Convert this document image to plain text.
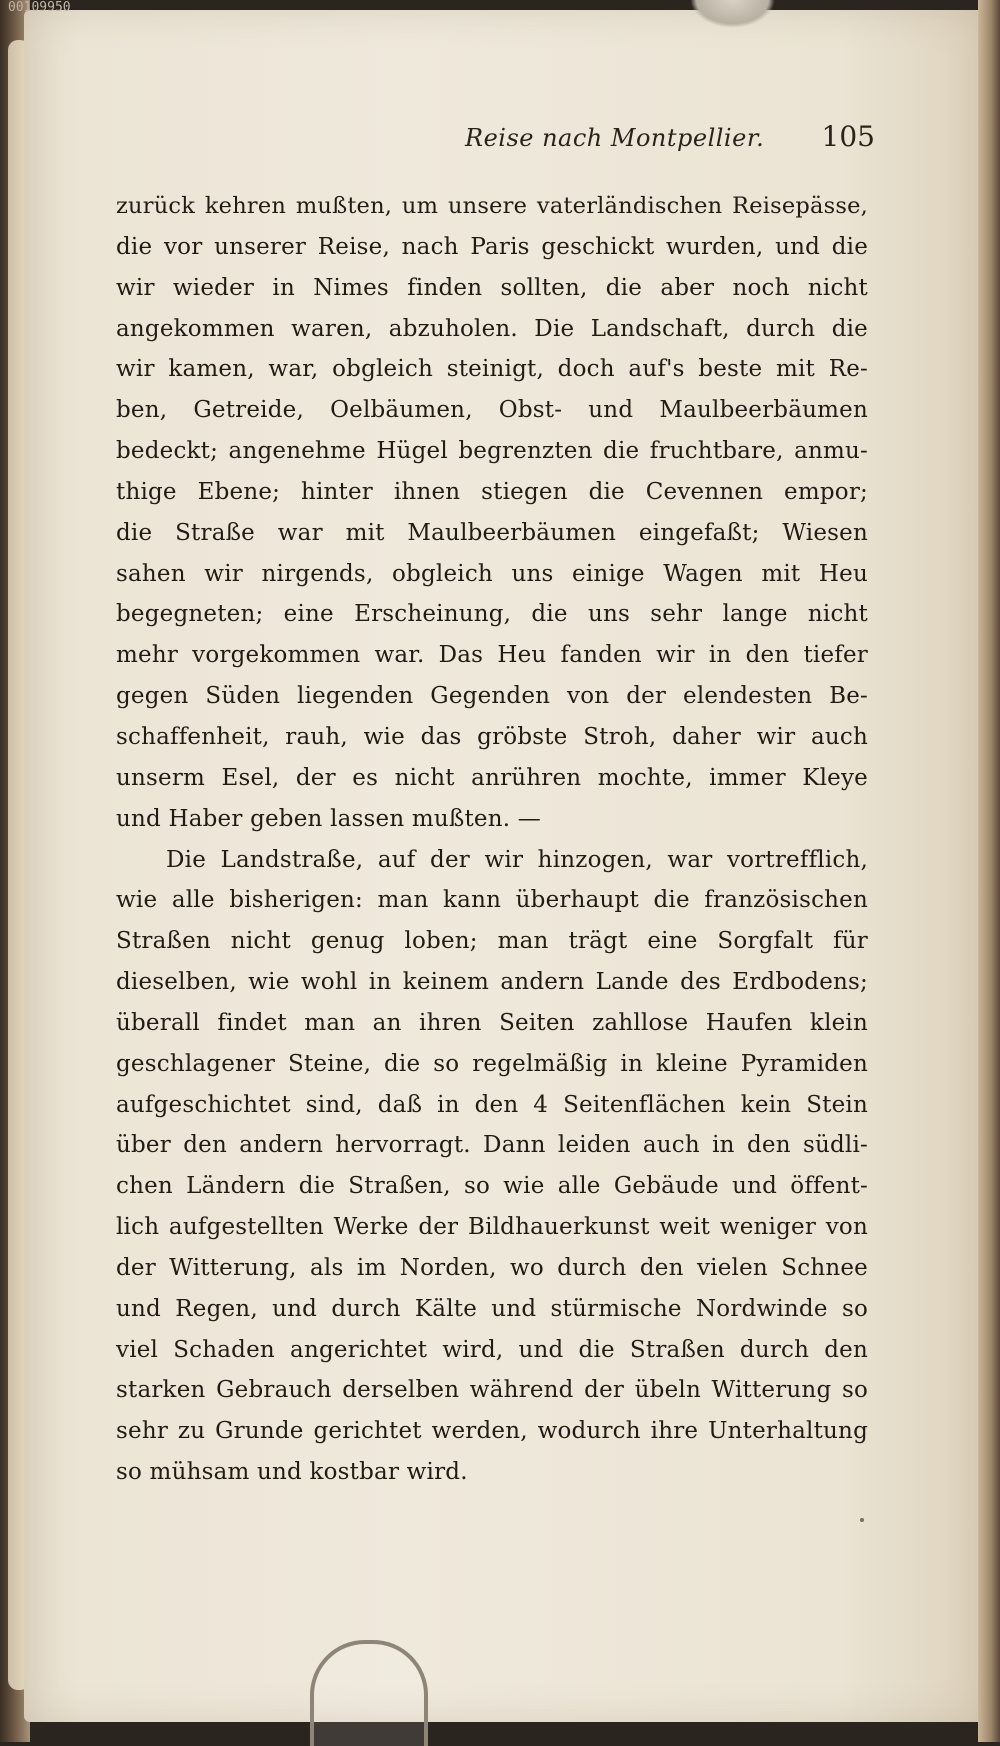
00109950
Reise nach Montpellier. 105
zurück kehren mußten, um unsere vaterländischen Reisepässe,
die vor unserer Reise, nach Paris geschickt wurden, und die
wir wieder in Nimes finden sollten, die aber noch nicht
angekommen waren, abzuholen. Die Landschaft, durch die
wir kamen, war, obgleich steinigt, doch auf's beste mit Re-
ben, Getreide, Oelbäumen, Obst- und Maulbeerbäumen
bedeckt; angenehme Hügel begrenzten die fruchtbare, anmu-
thige Ebene; hinter ihnen stiegen die Cevennen empor;
die Straße war mit Maulbeerbäumen eingefaßt; Wiesen
sahen wir nirgends, obgleich uns einige Wagen mit Heu
begegneten; eine Erscheinung, die uns sehr lange nicht
mehr vorgekommen war. Das Heu fanden wir in den tiefer
gegen Süden liegenden Gegenden von der elendesten Be-
schaffenheit, rauh, wie das gröbste Stroh, daher wir auch
unserm Esel, der es nicht anrühren mochte, immer Kleye
und Haber geben lassen mußten. —
Die Landstraße, auf der wir hinzogen, war vortrefflich,
wie alle bisherigen: man kann überhaupt die französischen
Straßen nicht genug loben; man trägt eine Sorgfalt für
dieselben, wie wohl in keinem andern Lande des Erdbodens;
überall findet man an ihren Seiten zahllose Haufen klein
geschlagener Steine, die so regelmäßig in kleine Pyramiden
aufgeschichtet sind, daß in den 4 Seitenflächen kein Stein
über den andern hervorragt. Dann leiden auch in den südli-
chen Ländern die Straßen, so wie alle Gebäude und öffent-
lich aufgestellten Werke der Bildhauerkunst weit weniger von
der Witterung, als im Norden, wo durch den vielen Schnee
und Regen, und durch Kälte und stürmische Nordwinde so
viel Schaden angerichtet wird, und die Straßen durch den
starken Gebrauch derselben während der übeln Witterung so
sehr zu Grunde gerichtet werden, wodurch ihre Unterhaltung
so mühsam und kostbar wird.
